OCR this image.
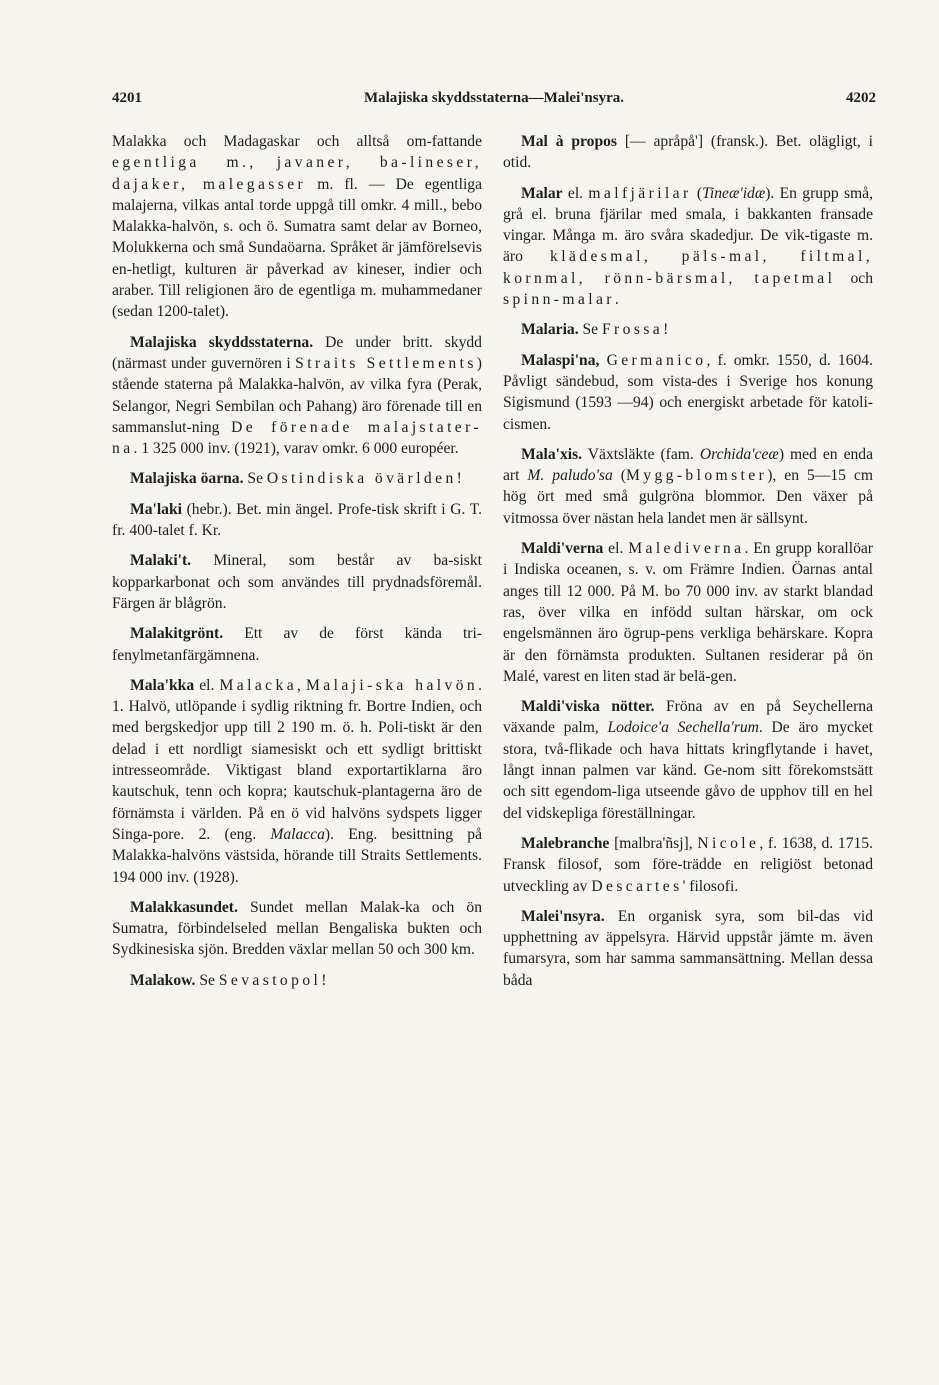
4201	Malajiska skyddsstaterna—Malei'nsyra.	4202

Malakka och Madagaskar och alltså om-fattande egentliga m., javaner, ba-lineser, dajaker, malegasser m. fl. — De egentliga malajerna, vilkas antal torde uppgå till omkr. 4 mill., bebo Malakka-halvön, s. och ö. Sumatra samt delar av Borneo, Molukkerna och små Sundaöarna. Språket är jämförelsevis en-hetligt, kulturen är påverkad av kineser, indier och araber. Till religionen äro de egentliga m. muhammedaner (sedan 1200-talet).

Malajiska skyddsstaterna. De under britt. skydd (närmast under guvernören i Straits Settlements) stående staterna på Malakka-halvön, av vilka fyra (Perak, Selangor, Negri Sembilan och Pahang) äro förenade till en sammanslut-ning De förenade malajstater-na. 1 325 000 inv. (1921), varav omkr. 6 000 européer.

Malajiska öarna. Se Ostindiska övärlden!

Ma'laki (hebr.). Bet. min ängel. Profe-tisk skrift i G. T. fr. 400-talet f. Kr.

Malaki't. Mineral, som består av ba-siskt kopparkarbonat och som användes till prydnadsföremål. Färgen är blågrön.

Malakitgrönt. Ett av de först kända tri-fenylmetanfärgämnena.

Mala'kka el. Malacka, Malaji-ska halvön. 1. Halvö, utlöpande i sydlig riktning fr. Bortre Indien, och med bergskedjor upp till 2 190 m. ö. h. Poli-tiskt är den delad i ett nordligt siamesiskt och ett sydligt brittiskt intresseområde. Viktigast bland exportartiklarna äro kautschuk, tenn och kopra; kautschuk-plantagerna äro de förnämsta i världen. På en ö vid halvöns sydspets ligger Singa-pore. 2. (eng. Malacca). Eng. besittning på Malakka-halvöns västsida, hörande till Straits Settlements. 194 000 inv. (1928).

Malakkasundet. Sundet mellan Malak-ka och ön Sumatra, förbindelseled mellan Bengaliska bukten och Sydkinesiska sjön. Bredden växlar mellan 50 och 300 km.

Malakow. Se Sevastopol!

Mal à propos [— apråpå'] (fransk.). Bet. olägligt, i otid.

Malar el. malfjärilar (Tineæ'idæ). En grupp små, grå el. bruna fjärilar med smala, i bakkanten fransade vingar. Många m. äro svåra skadedjur. De vik-tigaste m. äro klädesmal, päls-mal, filtmal, kornmal, rönn-bärsmal, tapetmal och spinn-malar.

Malaria. Se Frossa!

Malaspi'na, Germanico, f. omkr. 1550, d. 1604. Påvligt sändebud, som vista-des i Sverige hos konung Sigismund (1593 —94) och energiskt arbetade för katoli-cismen.

Mala'xis. Växtsläkte (fam. Orchida'ceæ) med en enda art M. paludo'sa (Mygg-blomster), en 5—15 cm hög ört med små gulgröna blommor. Den växer på vitmossa över nästan hela landet men är sällsynt.

Maldi'verna el. Malediverna. En grupp korallöar i Indiska oceanen, s. v. om Främre Indien. Öarnas antal anges till 12 000. På M. bo 70 000 inv. av starkt blandad ras, över vilka en infödd sultan härskar, om ock engelsmännen äro ögrup-pens verkliga behärskare. Kopra är den förnämsta produkten. Sultanen residerar på ön Malé, varest en liten stad är belä-gen.

Maldi'viska nötter. Fröna av en på Seychellerna växande palm, Lodoice'a Sechella'rum. De äro mycket stora, två-flikade och hava hittats kringflytande i havet, långt innan palmen var känd. Ge-nom sitt förekomstsätt och sitt egendom-liga utseende gåvo de upphov till en hel del vidskepliga föreställningar.

Malebranche [malbra'ñsj], Nicole, f. 1638, d. 1715. Fransk filosof, som före-trädde en religiöst betonad utveckling av Descartes' filosofi.

Malei'nsyra. En organisk syra, som bil-das vid upphettning av äppelsyra. Härvid uppstår jämte m. även fumarsyra, som har samma sammansättning. Mellan dessa båda
